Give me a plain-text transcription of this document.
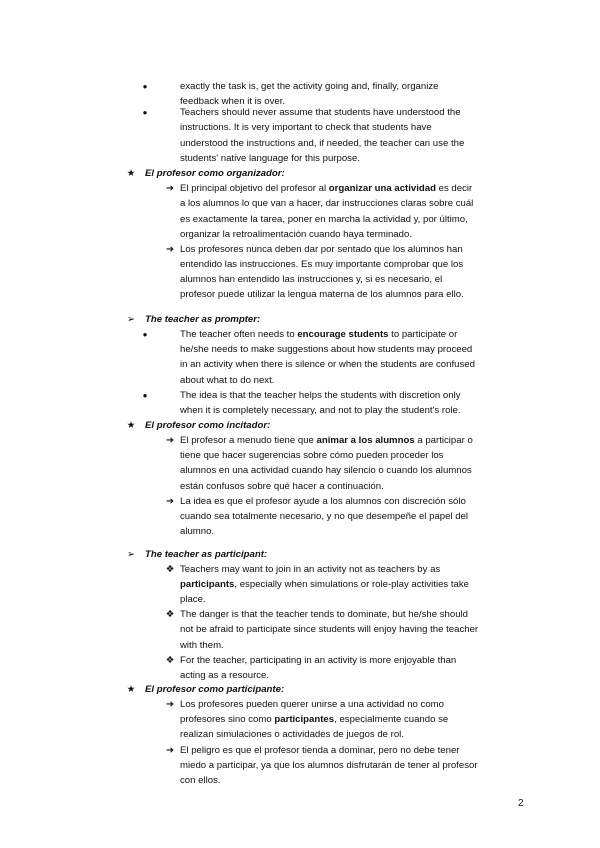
●	exactly the task is, get the activity going and, finally, organize
feedback when it is over.
●	Teachers should never assume that students have understood the
instructions. It is very important to check that students have
understood the instructions and, if needed, the teacher can use the
students' native language for this purpose.
★ El profesor como organizador:
➔ El principal objetivo del profesor al organizar una actividad es decir
a los alumnos lo que van a hacer, dar instrucciones claras sobre cuál
es exactamente la tarea, poner en marcha la actividad y, por último,
organizar la retroalimentación cuando haya terminado.
➔ Los profesores nunca deben dar por sentado que los alumnos han
entendido las instrucciones. Es muy importante comprobar que los
alumnos han entendido las instrucciones y, si es necesario, el
profesor puede utilizar la lengua materna de los alumnos para ello.
➢	The teacher as prompter:
●	The teacher often needs to encourage students to participate or
he/she needs to make suggestions about how students may proceed
in an activity when there is silence or when the students are confused
about what to do next.
●	The idea is that the teacher helps the students with discretion only
when it is completely necessary, and not to play the student's role.
★ El profesor como incitador:
➔ El profesor a menudo tiene que animar a los alumnos a participar o
tiene que hacer sugerencias sobre cómo pueden proceder los
alumnos en una actividad cuando hay silencio o cuando los alumnos
están confusos sobre qué hacer a continuación.
➔ La idea es que el profesor ayude a los alumnos con discreción sólo
cuando sea totalmente necesario, y no que desempeñe el papel del
alumno.
➢	The teacher as participant:
❖ Teachers may want to join in an activity not as teachers by as
participants, especially when simulations or role-play activities take
place.
❖ The danger is that the teacher tends to dominate, but he/she should
not be afraid to participate since students will enjoy having the teacher
with them.
❖ For the teacher, participating in an activity is more enjoyable than
acting as a resource.
★ El profesor como participante:
➔ Los profesores pueden querer unirse a una actividad no como
profesores sino como participantes, especialmente cuando se
realizan simulaciones o actividades de juegos de rol.
➔ El peligro es que el profesor tienda a dominar, pero no debe tener
miedo a participar, ya que los alumnos disfrutarán de tener al profesor
con ellos.
2
